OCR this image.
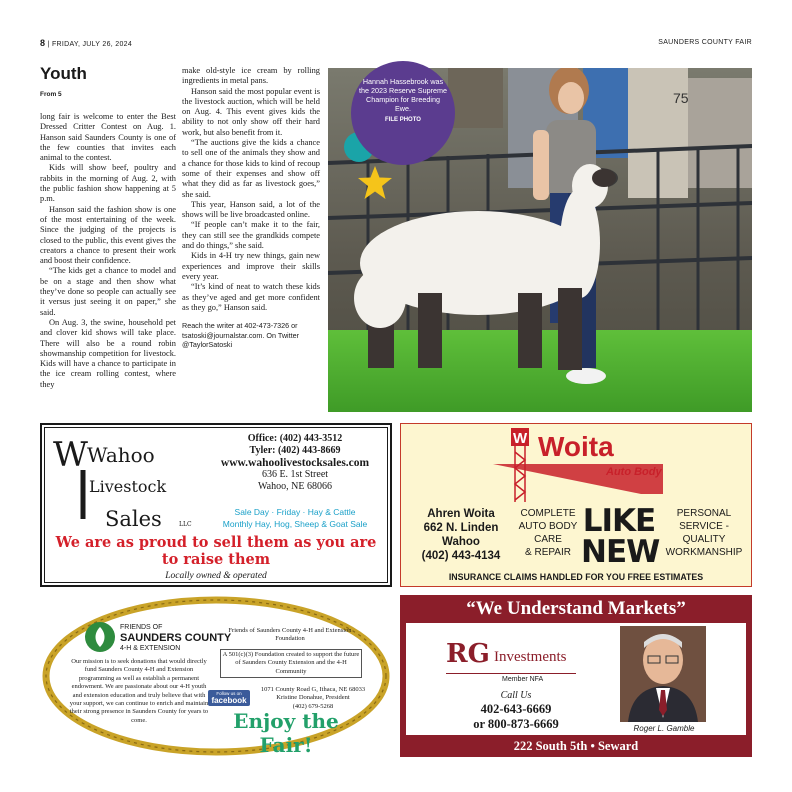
8 | FRIDAY, JULY 26, 2024	SAUNDERS COUNTY FAIR
Youth
From 5

long fair is welcome to enter the Best Dressed Critter Contest on Aug. 1. Hanson said Saunders County is one of the few counties that invites each animal to the contest.

Kids will show beef, poultry and rabbits in the morning of Aug. 2, with the public fashion show happening at 5 p.m.

Hanson said the fashion show is one of the most entertaining of the week. Since the judging of the projects is closed to the public, this event gives the creators a chance to present their work and boost their confidence.

“The kids get a chance to model and be on a stage and then show what they’ve done so people can actually see it versus just seeing it on paper,” she said.

On Aug. 3, the swine, household pet and clover kid shows will take place. There will also be a round robin showmanship competition for livestock. Kids will have a chance to participate in the ice cream rolling contest, where they

make old-style ice cream by rolling ingredients in metal pans.

Hanson said the most popular event is the livestock auction, which will be held on Aug. 4. This event gives kids the ability to not only show off their hard work, but also benefit from it.

“The auctions give the kids a chance to sell one of the animals they show and a chance for those kids to kind of recoup some of their expenses and show off what they did as far as livestock goes,” she said.

This year, Hanson said, a lot of the shows will be live broadcasted online.

“If people can’t make it to the fair, they can still see the grandkids compete and do things,” she said.

Kids in 4-H try new things, gain new experiences and improve their skills every year.

“It’s kind of neat to watch these kids as they’ve aged and get more confident as they go,” Hanson said.

Reach the writer at 402-473-7326 or tsatoski@journalstar.com. On Twitter @TaylorSatoski
75
Hannah Hassebrook was the 2023 Reserve Supreme Champion for Breeding Ewe.
FILE PHOTO
W Wahoo
Livestock
Sales	LLC
Office: (402) 443-3512
Tyler: (402) 443-8669
www.wahoolivestocksales.com
636 E. 1st Street
Wahoo, NE 68066
Sale Day · Friday · Hay & Cattle
Monthly Hay, Hog, Sheep & Goat Sale
We are as proud to sell them as you are to raise them
Locally owned & operated
W Woita
Auto Body
Ahren Woita
662 N. Linden
Wahoo
(402) 443-4134
COMPLETE
AUTO BODY
CARE
& REPAIR
LIKE
NEW
PERSONAL
SERVICE -
QUALITY
WORKMANSHIP
INSURANCE CLAIMS HANDLED FOR YOU FREE ESTIMATES
FRIENDS OF
SAUNDERS COUNTY
4-H & EXTENSION
Our mission is to seek donations that would directly fund Saunders County 4-H and Extension programming as well as establish a permanent endowment. We are passionate about our 4-H youth and extension education and truly believe that with your support, we can continue to enrich and maintain their strong presence in Saunders County for years to come.
Friends of Saunders County 4-H and Extension Foundation
A 501(c)(3) Foundation created to support the future of Saunders County Extension and the 4-H Community
Follow us on
facebook
1071 County Road G, Ithaca, NE 68033
Kristine Donahue, President
(402) 679-5268
Enjoy the Fair!
“We Understand Markets”
RG Investments
Member NFA
Call Us
402-643-6669
or 800-873-6669	Roger L. Gamble
222 South 5th • Seward
